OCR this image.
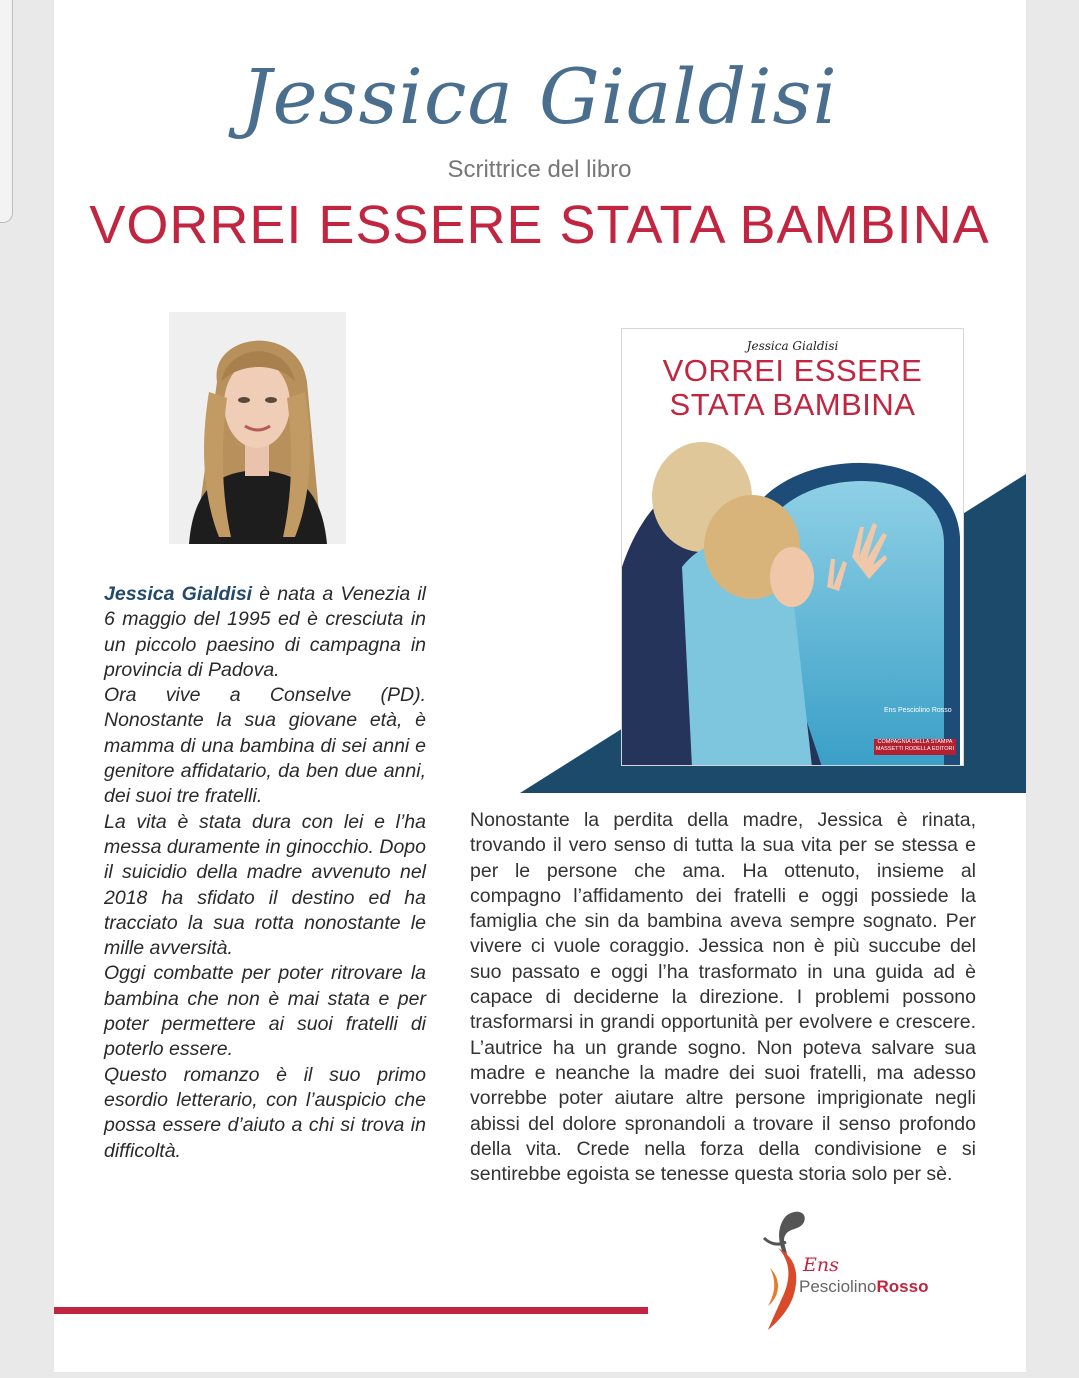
Jessica Gialdisi
Scrittrice del libro
VORREI ESSERE STATA BAMBINA

Jessica Gialdisi è nata a Venezia il 6 maggio del 1995 ed è cresciuta in un piccolo paesino di campagna in provincia di Padova.

Ora vive a Conselve (PD). Nonostante la sua giovane età, è mamma di una bambina di sei anni e genitore affidatario, da ben due anni, dei suoi tre fratelli.

La vita è stata dura con lei e l’ha messa duramente in ginocchio. Dopo il suicidio della madre avvenuto nel 2018 ha sfidato il destino ed ha tracciato la sua rotta nonostante le mille avversità.

Oggi combatte per poter ritrovare la bambina che non è mai stata e per poter permettere ai suoi fratelli di poterlo essere.

Questo romanzo è il suo primo esordio letterario, con l’auspicio che possa essere d’aiuto a chi si trova in difficoltà.

Jessica Gialdisi
VORREI ESSERE
STATA BAMBINA
Ens Pesciolino Rosso
COMPAGNIA DELLA STAMPA
MASSETTI RODELLA EDITORI
Nonostante la perdita della madre, Jessica è rinata, trovando il vero senso di tutta la sua vita per se stessa e per le persone che ama. Ha ottenuto, insieme al compagno l’affidamento dei fratelli e oggi possiede la famiglia che sin da bambina aveva sempre sognato. Per vivere ci vuole coraggio. Jessica non è più succube del suo passato e oggi l’ha trasformato in una guida ad è capace di deciderne la direzione. I problemi possono trasformarsi in grandi opportunità per evolvere e crescere. L’autrice ha un grande sogno. Non poteva salvare sua madre e neanche la madre dei suoi fratelli, ma adesso vorrebbe poter aiutare altre persone imprigionate negli abissi del dolore spronandoli a trovare il senso profondo della vita. Crede nella forza della condivisione e si sentirebbe egoista se tenesse questa storia solo per sè.
Ens
PesciolinoRosso
